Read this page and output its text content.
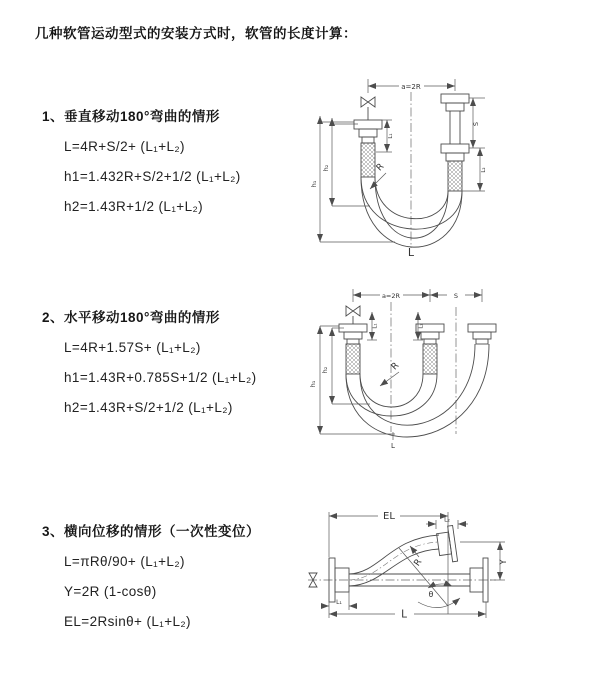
几种软管运动型式的安装方式时，软管的长度计算：
1、垂直移动180°弯曲的情形
L=4R+S/2+ (L₁+L₂)
h1=1.432R+S/2+1/2 (L₁+L₂)
h2=1.43R+1/2 (L₁+L₂)
2、水平移动180°弯曲的情形
L=4R+1.57S+ (L₁+L₂)
h1=1.43R+0.785S+1/2 (L₁+L₂)
h2=1.43R+S/2+1/2 (L₁+L₂)
3、横向位移的情形（一次性变位）
L=πRθ/90+ (L₁+L₂)
Y=2R (1-cosθ)
EL=2Rsinθ+ (L₁+L₂)
a=2R
h₁
h₂
L₁
S
L₂
R
L
a=2R	S
L₁	L₂
h₁
h₂	R
L
EL	L₂
Y
R
θ
L
L₁
